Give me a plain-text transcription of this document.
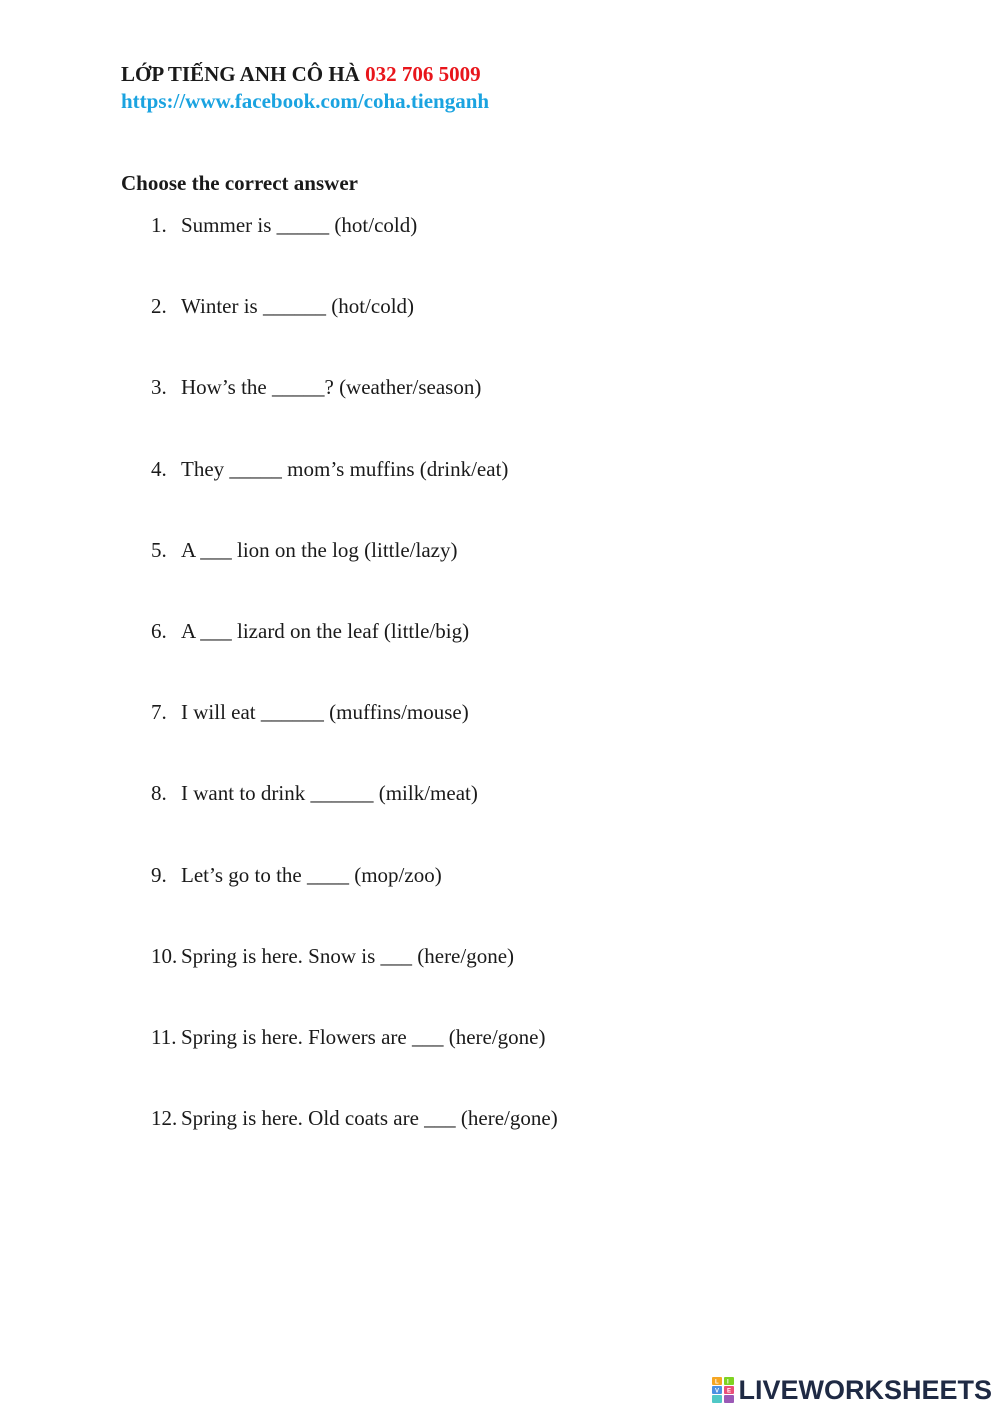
LỚP TIẾNG ANH CÔ HÀ 032 706 5009
https://www.facebook.com/coha.tienganh
Choose the correct answer
1. Summer is _____ (hot/cold)
2. Winter is ______ (hot/cold)
3. How’s the _____? (weather/season)
4. They _____ mom’s muffins (drink/eat)
5. A ___ lion on the log (little/lazy)
6. A ___ lizard on the leaf (little/big)
7. I will eat ______ (muffins/mouse)
8. I want to drink ______ (milk/meat)
9. Let’s go to the ____ (mop/zoo)
10. Spring is here. Snow is ___ (here/gone)
11. Spring is here. Flowers are ___ (here/gone)
12. Spring is here. Old coats are ___ (here/gone)
L I
V E LIVEWORKSHEETS
